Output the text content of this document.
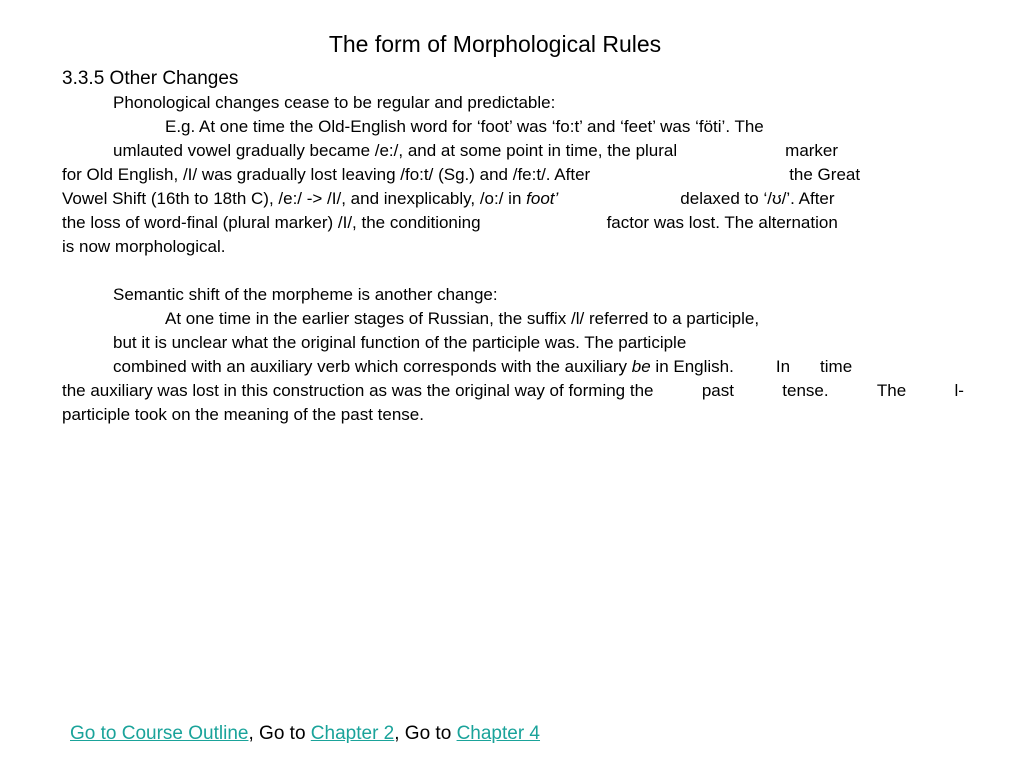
The form of Morphological Rules
3.3.5 Other Changes
Phonological changes cease to be regular and predictable:
E.g. At one time the Old-English word for ‘foot’ was ‘fo:t’ and ‘feet’ was ‘föti’. The
umlauted vowel gradually became /e:/, and at some point in time, the plural	marker
for Old English, /I/ was gradually lost leaving /fo:t/ (Sg.) and /fe:t/. After	the Great
Vowel Shift (16th to 18th C), /e:/ -> /I/, and inexplicably, /o:/ in foot’	delaxed to ‘/ʊ/’. After
the loss of word-final (plural marker) /I/, the conditioning	factor was lost. The alternation
is now morphological.
Semantic shift of the morpheme is another change:
At one time in the earlier stages of Russian, the suffix /l/ referred to a participle,
but it is unclear what the original function of the participle was. The participle
combined with an auxiliary verb which corresponds with the auxiliary be in English. In time
the auxiliary was lost in this construction as was the original way of forming the	past	tense.	The	l-
participle took on the meaning of the past tense.
Go to Course Outline, Go to Chapter 2, Go to Chapter 4
